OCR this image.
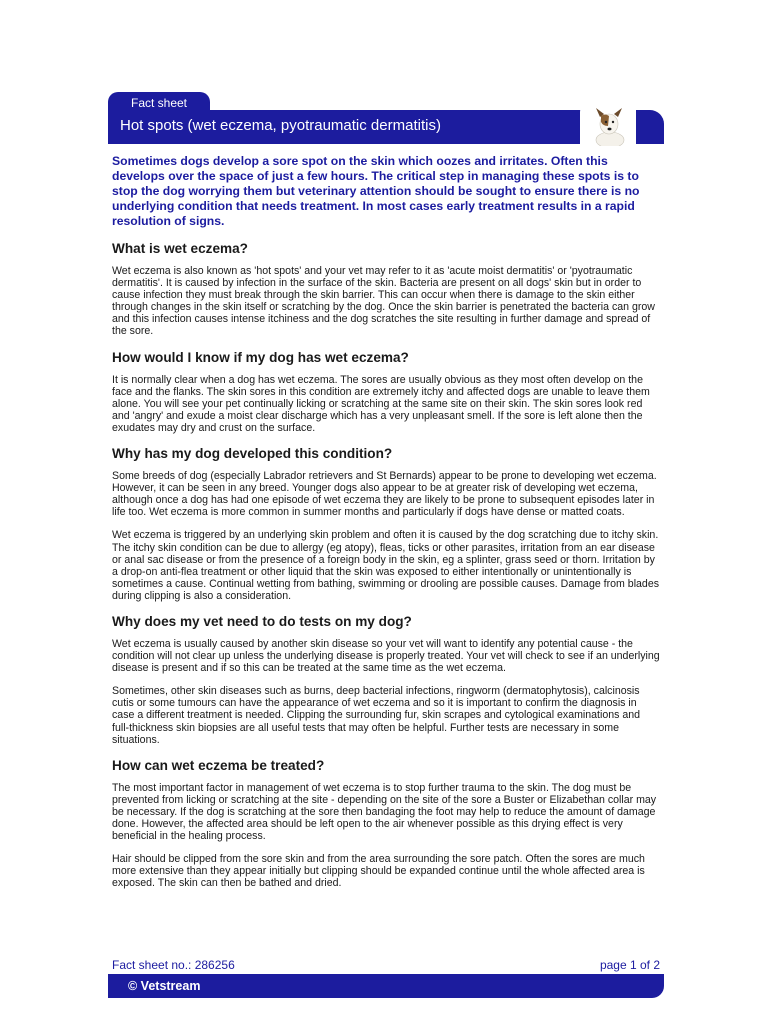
Fact sheet
Hot spots (wet eczema, pyotraumatic dermatitis)
Sometimes dogs develop a sore spot on the skin which oozes and irritates. Often this develops over the space of just a few hours. The critical step in managing these spots is to stop the dog worrying them but veterinary attention should be sought to ensure there is no underlying condition that needs treatment. In most cases early treatment results in a rapid resolution of signs.
What is wet eczema?

Wet eczema is also known as 'hot spots' and your vet may refer to it as 'acute moist dermatitis' or 'pyotraumatic dermatitis'. It is caused by infection in the surface of the skin. Bacteria are present on all dogs' skin but in order to cause infection they must break through the skin barrier. This can occur when there is damage to the skin either through changes in the skin itself or scratching by the dog. Once the skin barrier is penetrated the bacteria can grow and this infection causes intense itchiness and the dog scratches the site resulting in further damage and spread of the sore.

How would I know if my dog has wet eczema?

It is normally clear when a dog has wet eczema. The sores are usually obvious as they most often develop on the face and the flanks. The skin sores in this condition are extremely itchy and affected dogs are unable to leave them alone. You will see your pet continually licking or scratching at the same site on their skin. The skin sores look red and 'angry' and exude a moist clear discharge which has a very unpleasant smell. If the sore is left alone then the exudates may dry and crust on the surface.

Why has my dog developed this condition?

Some breeds of dog (especially Labrador retrievers and St Bernards) appear to be prone to developing wet eczema. However, it can be seen in any breed. Younger dogs also appear to be at greater risk of developing wet eczema, although once a dog has had one episode of wet eczema they are likely to be prone to subsequent episodes later in life too. Wet eczema is more common in summer months and particularly if dogs have dense or matted coats.

Wet eczema is triggered by an underlying skin problem and often it is caused by the dog scratching due to itchy skin. The itchy skin condition can be due to allergy (eg atopy), fleas, ticks or other parasites, irritation from an ear disease or anal sac disease or from the presence of a foreign body in the skin, eg a splinter, grass seed or thorn. Irritation by a drop-on anti-flea treatment or other liquid that the skin was exposed to either intentionally or unintentionally is sometimes a cause. Continual wetting from bathing, swimming or drooling are possible causes. Damage from blades during clipping is also a consideration.

Why does my vet need to do tests on my dog?

Wet eczema is usually caused by another skin disease so your vet will want to identify any potential cause - the condition will not clear up unless the underlying disease is properly treated. Your vet will check to see if an underlying disease is present and if so this can be treated at the same time as the wet eczema.

Sometimes, other skin diseases such as burns, deep bacterial infections, ringworm (dermatophytosis), calcinosis cutis or some tumours can have the appearance of wet eczema and so it is important to confirm the diagnosis in case a different treatment is needed. Clipping the surrounding fur, skin scrapes and cytological examinations and full-thickness skin biopsies are all useful tests that may often be helpful. Further tests are necessary in some situations.

How can wet eczema be treated?

The most important factor in management of wet eczema is to stop further trauma to the skin. The dog must be prevented from licking or scratching at the site - depending on the site of the sore a Buster or Elizabethan collar may be necessary. If the dog is scratching at the sore then bandaging the foot may help to reduce the amount of damage done. However, the affected area should be left open to the air whenever possible as this drying effect is very beneficial in the healing process.

Hair should be clipped from the sore skin and from the area surrounding the sore patch. Often the sores are much more extensive than they appear initially but clipping should be expanded continue until the whole affected area is exposed. The skin can then be bathed and dried.

Fact sheet no.: 286256	page 1 of 2
© Vetstream
